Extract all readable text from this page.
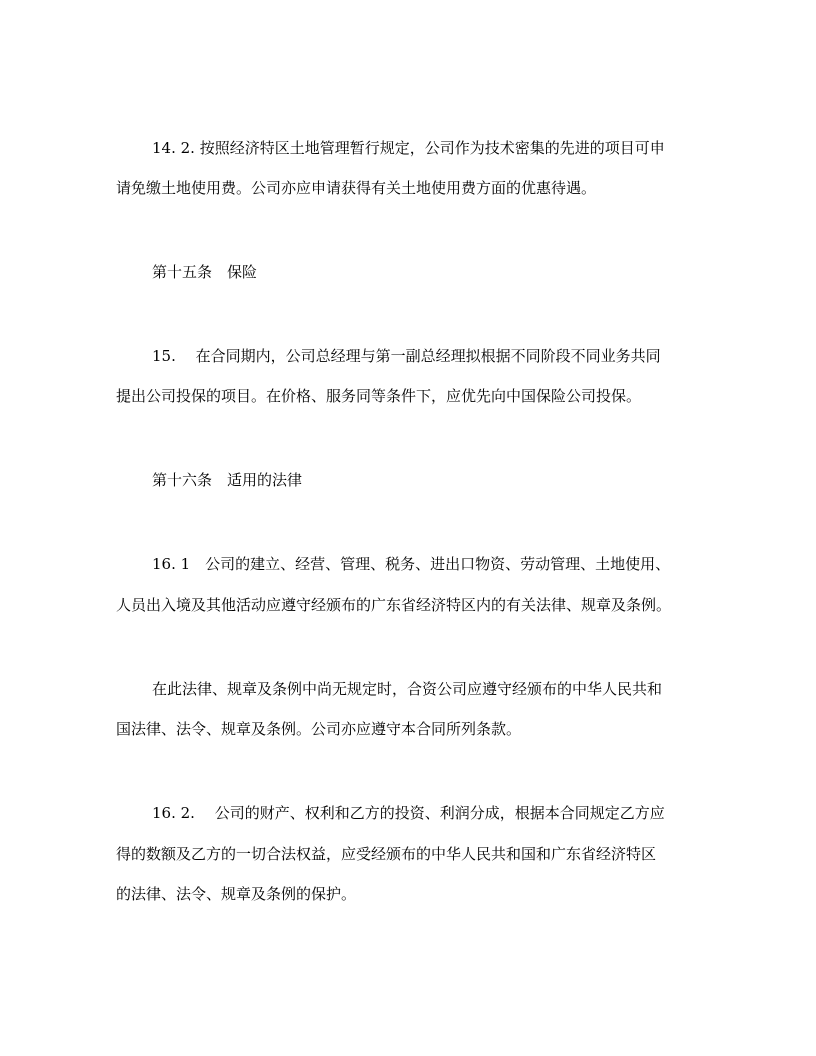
14. 2. 按照经济特区土地管理暂行规定，公司作为技术密集的先进的项目可申
请免缴土地使用费。公司亦应申请获得有关土地使用费方面的优惠待遇。
第十五条　保险
15.　 在合同期内，公司总经理与第一副总经理拟根据不同阶段不同业务共同
提出公司投保的项目。在价格、服务同等条件下，应优先向中国保险公司投保。
第十六条　适用的法律
16. 1　公司的建立、经营、管理、税务、进出口物资、劳动管理、土地使用、
人员出入境及其他活动应遵守经颁布的广东省经济特区内的有关法律、规章及条例。
在此法律、规章及条例中尚无规定时，合资公司应遵守经颁布的中华人民共和
国法律、法令、规章及条例。公司亦应遵守本合同所列条款。
16. 2.　 公司的财产、权利和乙方的投资、利润分成，根据本合同规定乙方应
得的数额及乙方的一切合法权益，应受经颁布的中华人民共和国和广东省经济特区
的法律、法令、规章及条例的保护。
